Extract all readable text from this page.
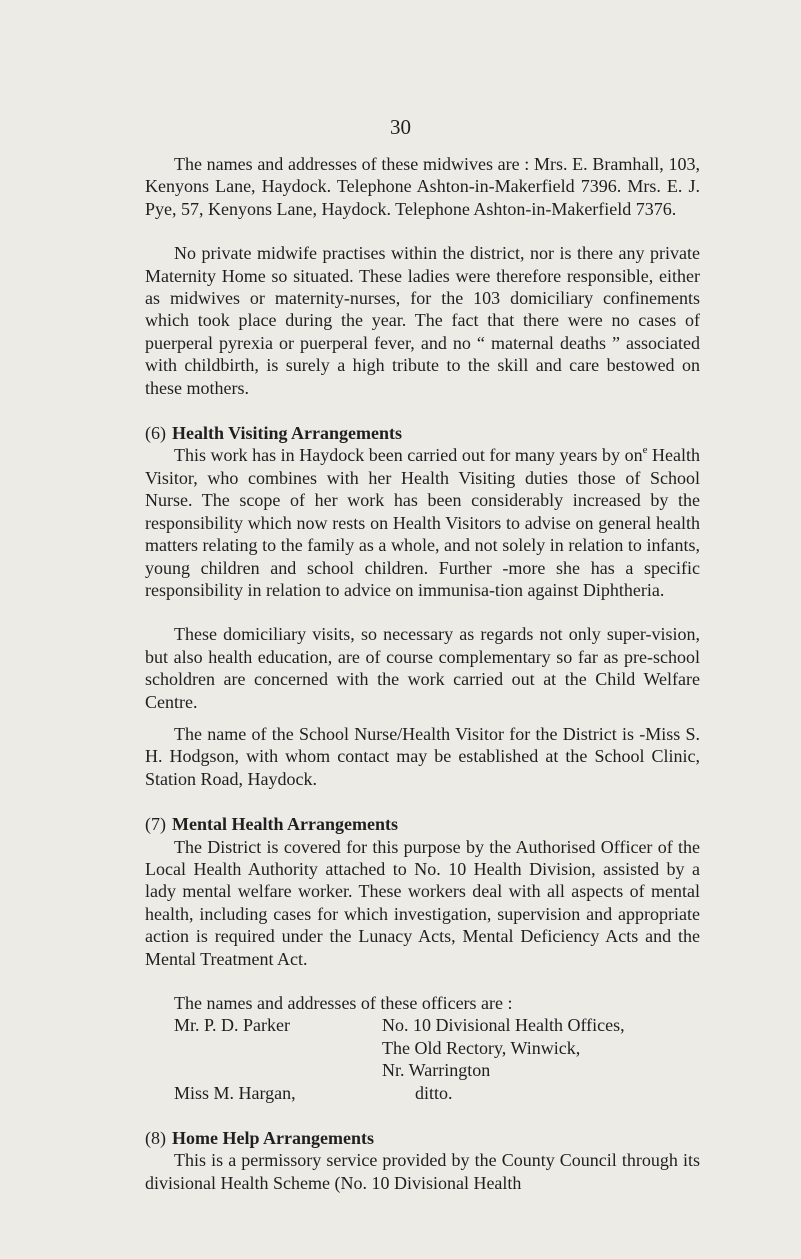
30

The names and addresses of these midwives are : Mrs. E. Bramhall, 103, Kenyons Lane, Haydock. Telephone Ashton-in-Makerfield 7396. Mrs. E. J. Pye, 57, Kenyons Lane, Haydock. Telephone Ashton-in-Makerfield 7376.

No private midwife practises within the district, nor is there any private Maternity Home so situated. These ladies were therefore responsible, either as midwives or maternity-nurses, for the 103 domiciliary confinements which took place during the year. The fact that there were no cases of puerperal pyrexia or puerperal fever, and no “ maternal deaths ” associated with childbirth, is surely a high tribute to the skill and care bestowed on these mothers.

(6) Health Visiting Arrangements

This work has in Haydock been carried out for many years by $on^e$ Health Visitor, who combines with her Health Visiting duties those of School Nurse. The scope of her work has been considerably increased by the responsibility which now rests on Health Visitors to advise on general health matters relating to the family as a whole, and not solely in relation to infants, young children and school children. Further -more she has a specific responsibility in relation to advice on immunisa-tion against Diphtheria.

These domiciliary visits, so necessary as regards not only super-vision, but also health education, are of course complementary so far as pre-school scholdren are concerned with the work carried out at the Child Welfare Centre.

The name of the School Nurse/Health Visitor for the District is -Miss S. H. Hodgson, with whom contact may be established at the School Clinic, Station Road, Haydock.

(7) Mental Health Arrangements

The District is covered for this purpose by the Authorised Officer of the Local Health Authority attached to No. 10 Health Division, assisted by a lady mental welfare worker. These workers deal with all aspects of mental health, including cases for which investigation, supervision and appropriate action is required under the Lunacy Acts, Mental Deficiency Acts and the Mental Treatment Act.

The names and addresses of these officers are :

Mr. P. D. Parker	No. 10 Divisional Health Offices,
The Old Rectory, Winwick,
Nr. Warrington
Miss M. Hargan,	ditto.
(8) Home Help Arrangements

This is a permissory service provided by the County Council through its divisional Health Scheme (No. 10 Divisional Health
